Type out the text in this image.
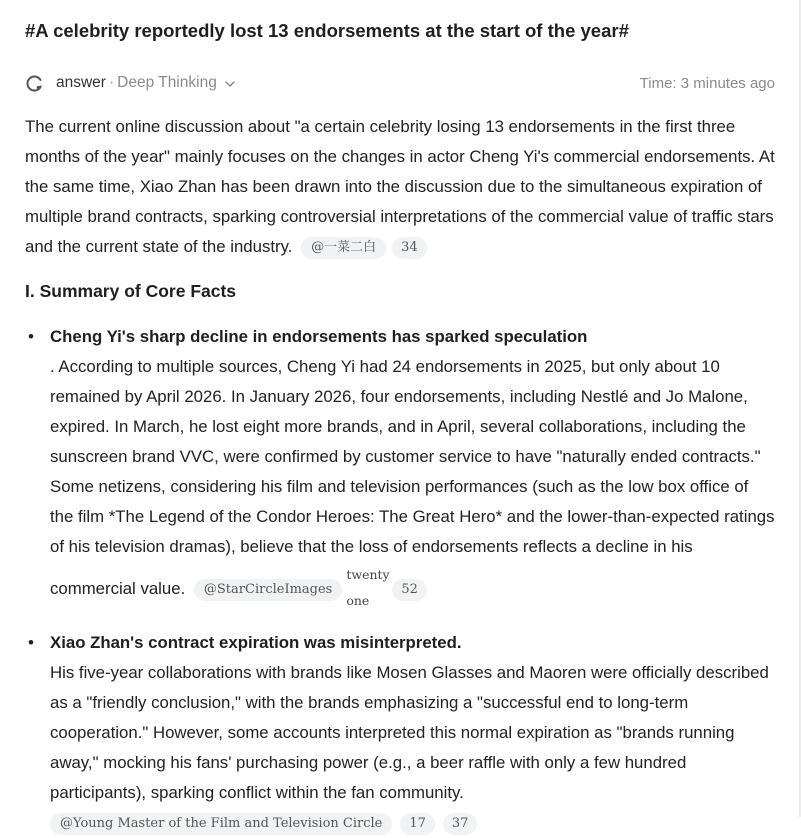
#A celebrity reportedly lost 13 endorsements at the start of the year#
answer · Deep Thinking	Time: 3 minutes ago

The current online discussion about "a certain celebrity losing 13 endorsements in the first three months of the year" mainly focuses on the changes in actor Cheng Yi's commercial endorsements. At the same time, Xiao Zhan has been drawn into the discussion due to the simultaneous expiration of multiple brand contracts, sparking controversial interpretations of the commercial value of traffic stars and the current state of the industry. @一菜二白 34

I. Summary of Core Facts
• Cheng Yi's sharp decline in endorsements has sparked speculation
. According to multiple sources, Cheng Yi had 24 endorsements in 2025, but only about 10 remained by April 2026. In January 2026, four endorsements, including Nestlé and Jo Malone, expired. In March, he lost eight more brands, and in April, several collaborations, including the sunscreen brand VVC, were confirmed by customer service to have "naturally ended contracts." Some netizens, considering his film and television performances (such as the low box office of the film *The Legend of the Condor Heroes: The Great Hero* and the lower-than-expected ratings of his television dramas), believe that the loss of endorsements reflects a decline in his commercial value. @StarCircleImages
twenty
one
52
• Xiao Zhan's contract expiration was misinterpreted.
His five-year collaborations with brands like Mosen Glasses and Maoren were officially described as a "friendly conclusion," with the brands emphasizing a "successful end to long-term cooperation." However, some accounts interpreted this normal expiration as "brands running away," mocking his fans' purchasing power (e.g., a beer raffle with only a few hundred participants), sparking conflict within the fan community.
@Young Master of the Film and Television Circle 17 37
